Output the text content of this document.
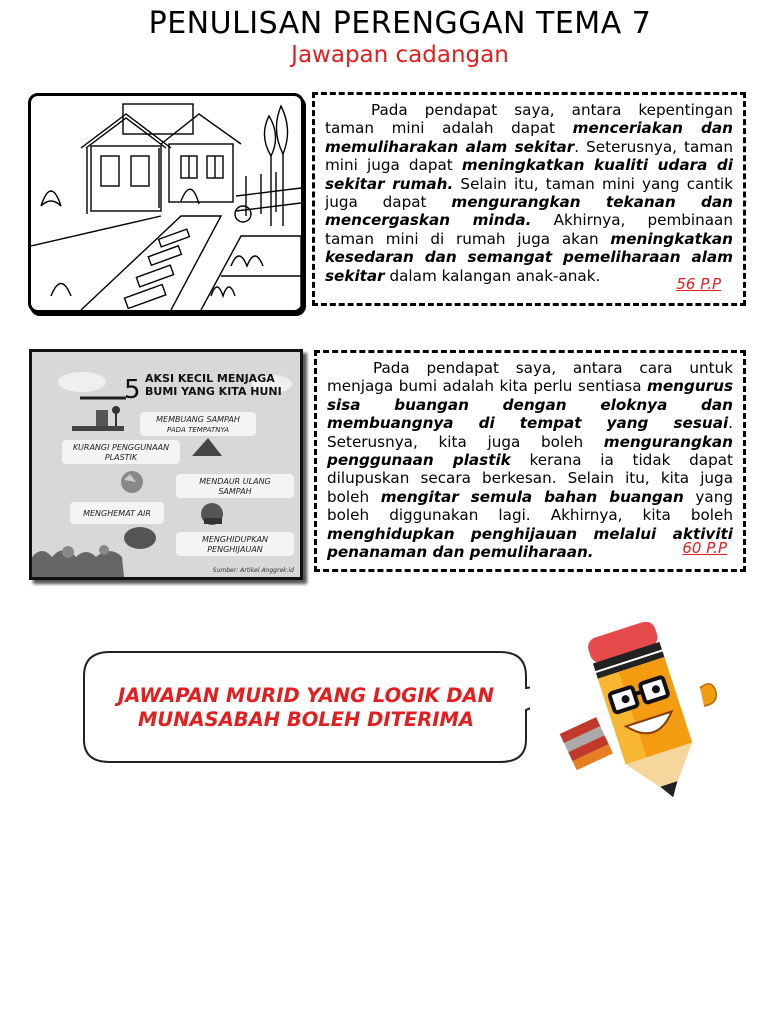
PENULISAN PERENGGAN TEMA 7
Jawapan cadangan

Pada pendapat saya, antara kepentingan taman mini adalah dapat menceriakan dan memuliharakan alam sekitar. Seterusnya, taman mini juga dapat meningkatkan kualiti udara di sekitar rumah. Selain itu, taman mini yang cantik juga dapat mengurangkan tekanan dan mencergaskan minda. Akhirnya, pembinaan taman mini di rumah juga akan meningkatkan kesedaran dan semangat pemeliharaan alam sekitar dalam kalangan anak-anak.	56 P.P
5 AKSI KECIL MENJAGA
BUMI YANG KITA HUNI
MEMBUANG SAMPAH
PADA TEMPATNYA
KURANGI PENGGUNAAN
PLASTIK
MENDAUR ULANG
SAMPAH
MENGHEMAT AIR
MENGHIDUPKAN
PENGHIJAUAN
Sumber: Artikel Anggrek.id

Pada pendapat saya, antara cara untuk menjaga bumi adalah kita perlu sentiasa mengurus sisa buangan dengan eloknya dan membuangnya di tempat yang sesuai. Seterusnya, kita juga boleh mengurangkan penggunaan plastik kerana ia tidak dapat dilupuskan secara berkesan. Selain itu, kita juga boleh mengitar semula bahan buangan yang boleh diggunakan lagi. Akhirnya, kita boleh menghidupkan penghijauan melalui aktiviti penanaman dan pemuliharaan.	60 P.P
JAWAPAN MURID YANG LOGIK DAN
MUNASABAH BOLEH DITERIMA
